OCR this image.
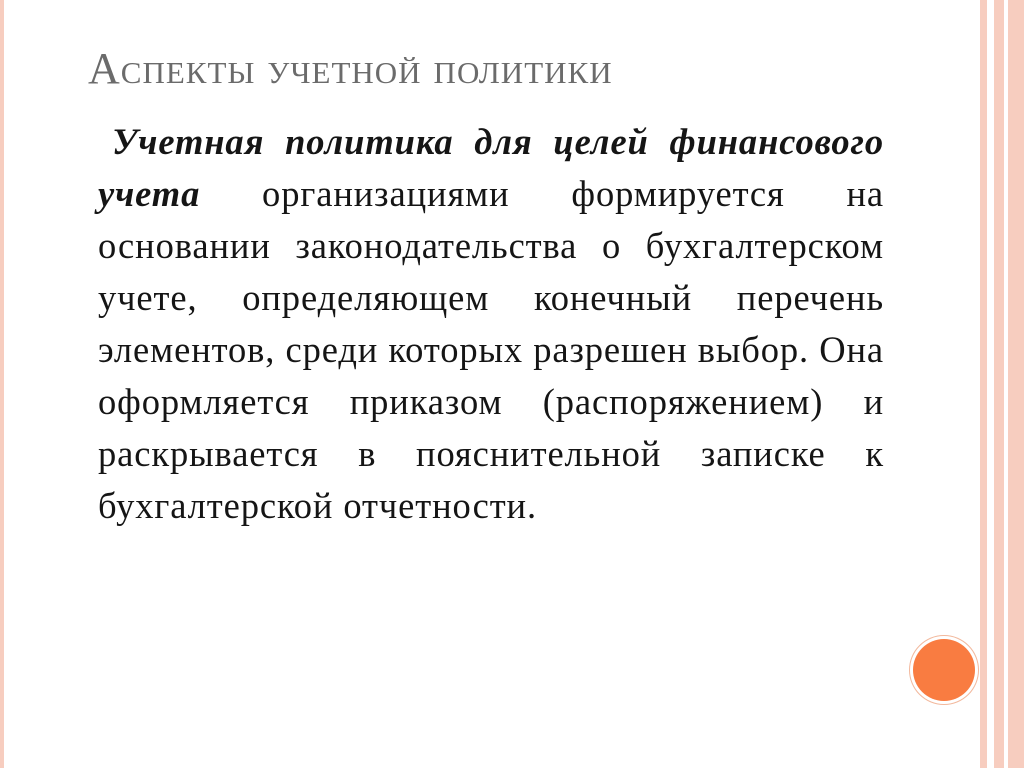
Аспекты учетной политики

Учетная политика для целей финансового учета организациями формируется на основании законодательства о бухгалтерском учете, определяющем конечный перечень элементов, среди которых разрешен выбор. Она оформляется приказом (распоряжением) и раскрывается в пояснительной записке к бухгалтерской отчетности.
